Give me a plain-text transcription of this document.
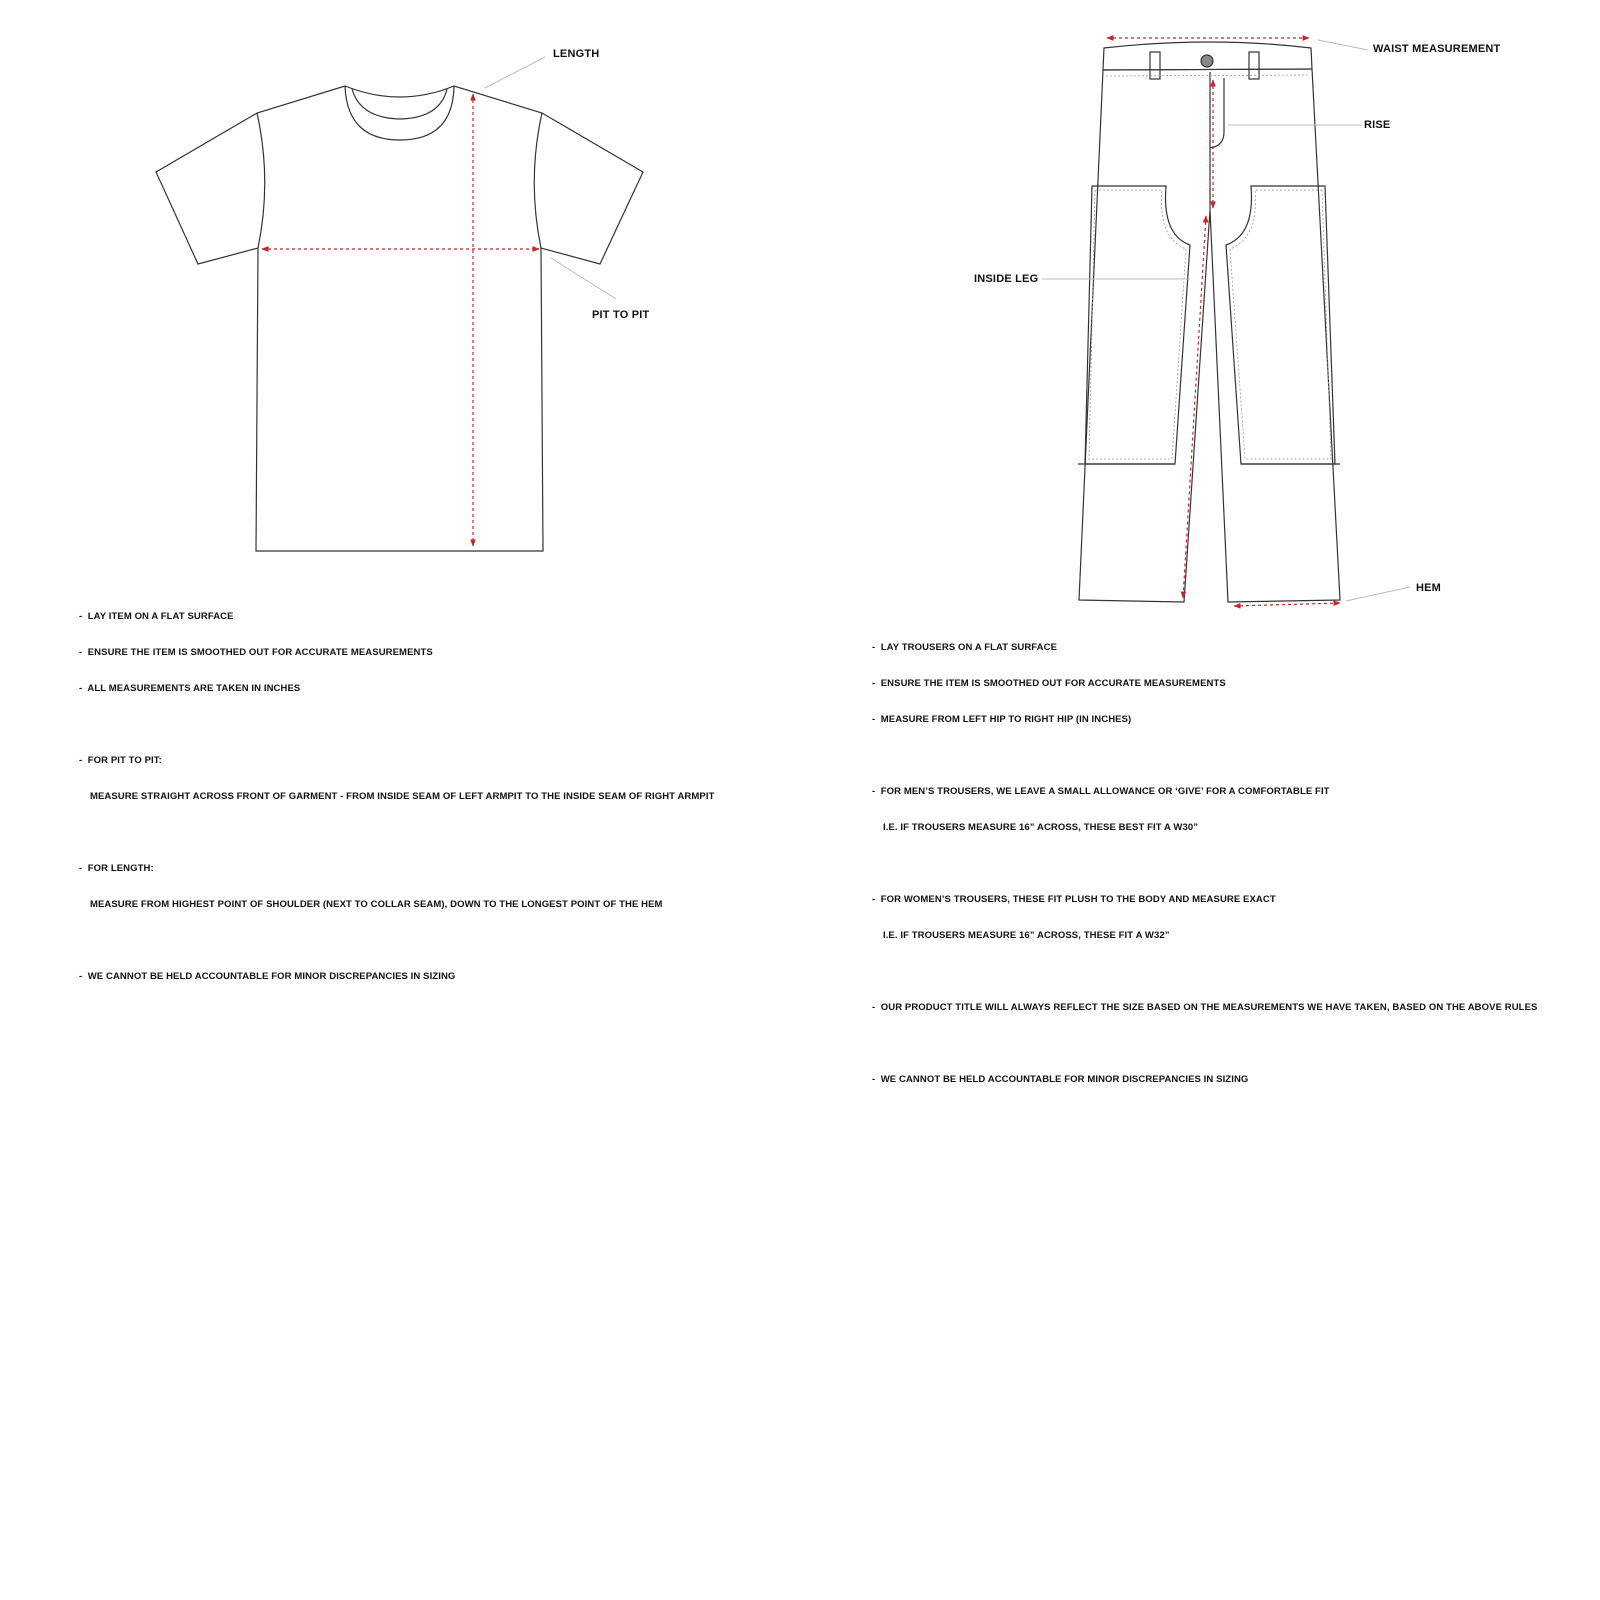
LENGTH
PIT TO PIT
WAIST MEASUREMENT
RISE
INSIDE LEG
HEM

-  LAY ITEM ON A FLAT SURFACE

-  ENSURE THE ITEM IS SMOOTHED OUT FOR ACCURATE MEASUREMENTS

-  ALL MEASUREMENTS ARE TAKEN IN INCHES

-  FOR PIT TO PIT:

MEASURE STRAIGHT ACROSS FRONT OF GARMENT - FROM INSIDE SEAM OF LEFT ARMPIT TO THE INSIDE SEAM OF RIGHT ARMPIT

-  FOR LENGTH:

MEASURE FROM HIGHEST POINT OF SHOULDER (NEXT TO COLLAR SEAM), DOWN TO THE LONGEST POINT OF THE HEM

-  WE CANNOT BE HELD ACCOUNTABLE FOR MINOR DISCREPANCIES IN SIZING

-  LAY TROUSERS ON A FLAT SURFACE

-  ENSURE THE ITEM IS SMOOTHED OUT FOR ACCURATE MEASUREMENTS

-  MEASURE FROM LEFT HIP TO RIGHT HIP (IN INCHES)

-  FOR MEN’S TROUSERS, WE LEAVE A SMALL ALLOWANCE OR ‘GIVE’ FOR A COMFORTABLE FIT

I.E. IF TROUSERS MEASURE 16” ACROSS, THESE BEST FIT A W30”

-  FOR WOMEN’S TROUSERS, THESE FIT PLUSH TO THE BODY AND MEASURE EXACT

I.E. IF TROUSERS MEASURE 16” ACROSS, THESE FIT A W32”

-  OUR PRODUCT TITLE WILL ALWAYS REFLECT THE SIZE BASED ON THE MEASUREMENTS WE HAVE TAKEN, BASED ON THE ABOVE RULES

-  WE CANNOT BE HELD ACCOUNTABLE FOR MINOR DISCREPANCIES IN SIZING
